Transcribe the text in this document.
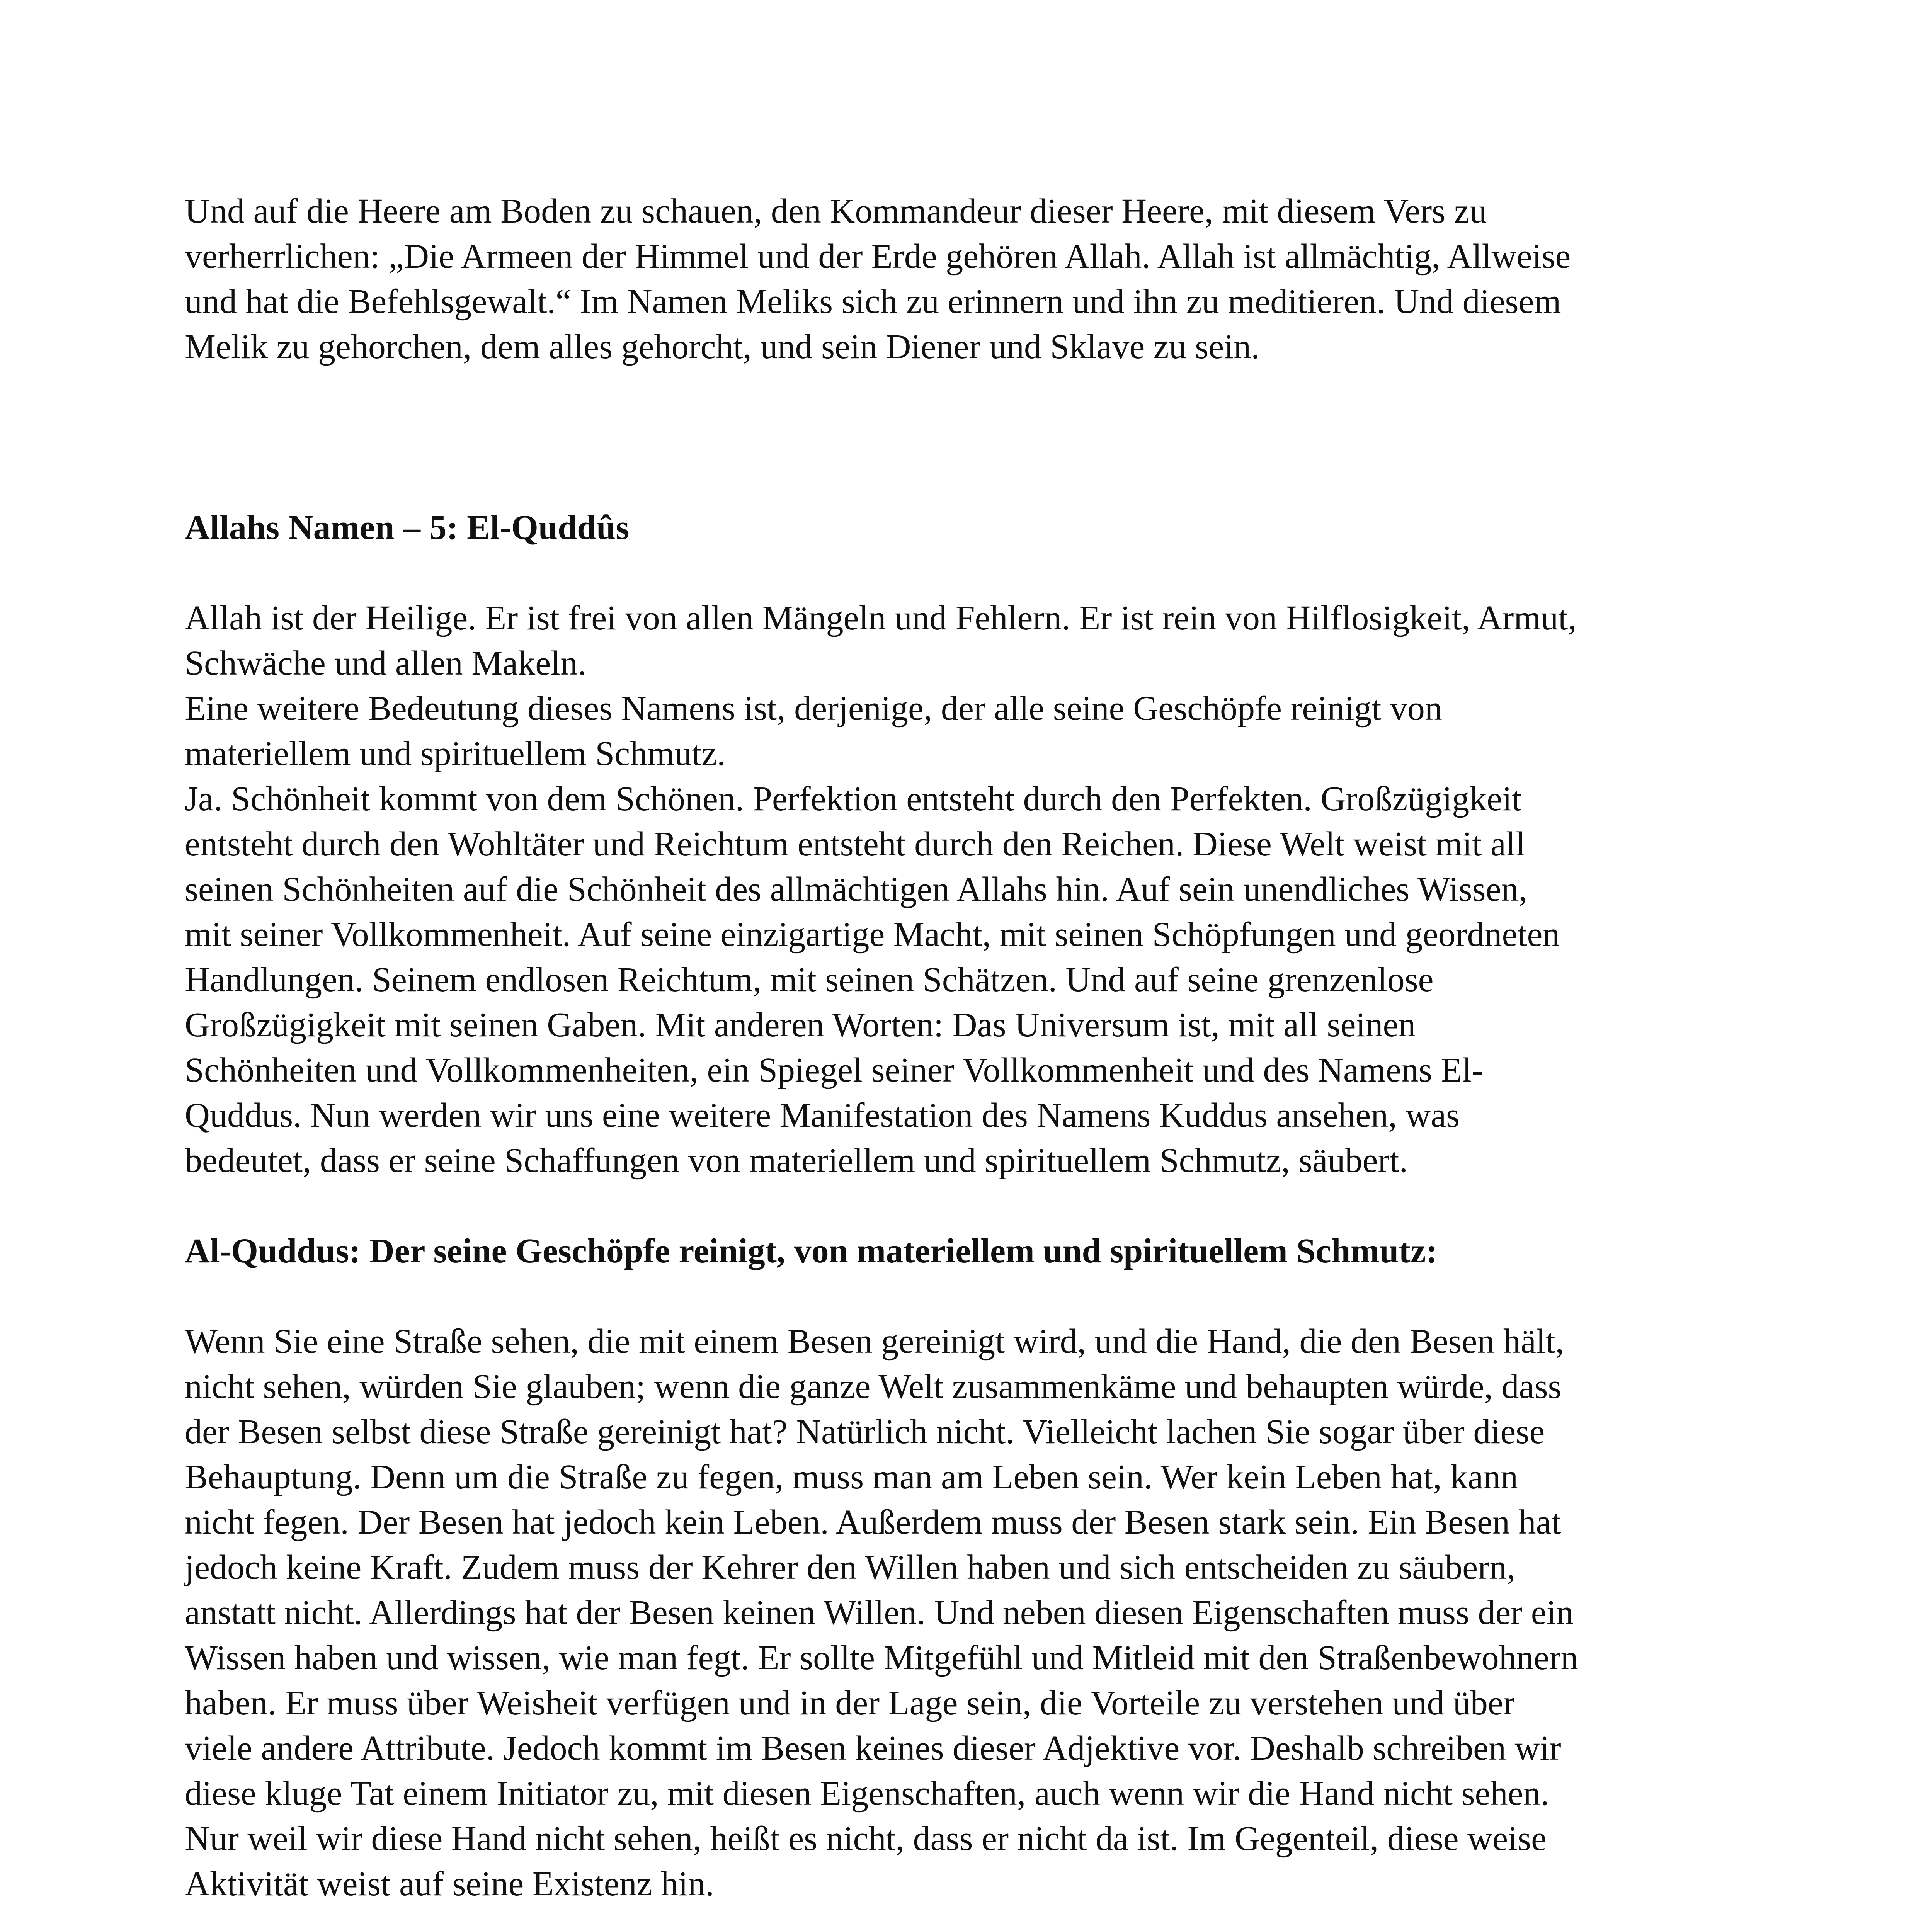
Und auf die Heere am Boden zu schauen, den Kommandeur dieser Heere, mit diesem Vers zu
verherrlichen: „Die Armeen der Himmel und der Erde gehören Allah. Allah ist allmächtig, Allweise
und hat die Befehlsgewalt.“ Im Namen Meliks sich zu erinnern und ihn zu meditieren. Und diesem
Melik zu gehorchen, dem alles gehorcht, und sein Diener und Sklave zu sein.

Allahs Namen – 5: El-Quddûs

Allah ist der Heilige. Er ist frei von allen Mängeln und Fehlern. Er ist rein von Hilflosigkeit, Armut,
Schwäche und allen Makeln.
Eine weitere Bedeutung dieses Namens ist, derjenige, der alle seine Geschöpfe reinigt von
materiellem und spirituellem Schmutz.
Ja. Schönheit kommt von dem Schönen. Perfektion entsteht durch den Perfekten. Großzügigkeit
entsteht durch den Wohltäter und Reichtum entsteht durch den Reichen. Diese Welt weist mit all
seinen Schönheiten auf die Schönheit des allmächtigen Allahs hin. Auf sein unendliches Wissen,
mit seiner Vollkommenheit. Auf seine einzigartige Macht, mit seinen Schöpfungen und geordneten
Handlungen. Seinem endlosen Reichtum, mit seinen Schätzen. Und auf seine grenzenlose
Großzügigkeit mit seinen Gaben. Mit anderen Worten: Das Universum ist, mit all seinen
Schönheiten und Vollkommenheiten, ein Spiegel seiner Vollkommenheit und des Namens El-
Quddus. Nun werden wir uns eine weitere Manifestation des Namens Kuddus ansehen, was
bedeutet, dass er seine Schaffungen von materiellem und spirituellem Schmutz, säubert.

Al-Quddus: Der seine Geschöpfe reinigt, von materiellem und spirituellem Schmutz:

Wenn Sie eine Straße sehen, die mit einem Besen gereinigt wird, und die Hand, die den Besen hält,
nicht sehen, würden Sie glauben; wenn die ganze Welt zusammenkäme und behaupten würde, dass
der Besen selbst diese Straße gereinigt hat? Natürlich nicht. Vielleicht lachen Sie sogar über diese
Behauptung. Denn um die Straße zu fegen, muss man am Leben sein. Wer kein Leben hat, kann
nicht fegen. Der Besen hat jedoch kein Leben. Außerdem muss der Besen stark sein. Ein Besen hat
jedoch keine Kraft. Zudem muss der Kehrer den Willen haben und sich entscheiden zu säubern,
anstatt nicht. Allerdings hat der Besen keinen Willen. Und neben diesen Eigenschaften muss der ein
Wissen haben und wissen, wie man fegt. Er sollte Mitgefühl und Mitleid mit den Straßenbewohnern
haben. Er muss über Weisheit verfügen und in der Lage sein, die Vorteile zu verstehen und über
viele andere Attribute. Jedoch kommt im Besen keines dieser Adjektive vor. Deshalb schreiben wir
diese kluge Tat einem Initiator zu, mit diesen Eigenschaften, auch wenn wir die Hand nicht sehen.
Nur weil wir diese Hand nicht sehen, heißt es nicht, dass er nicht da ist. Im Gegenteil, diese weise
Aktivität weist auf seine Existenz hin.
